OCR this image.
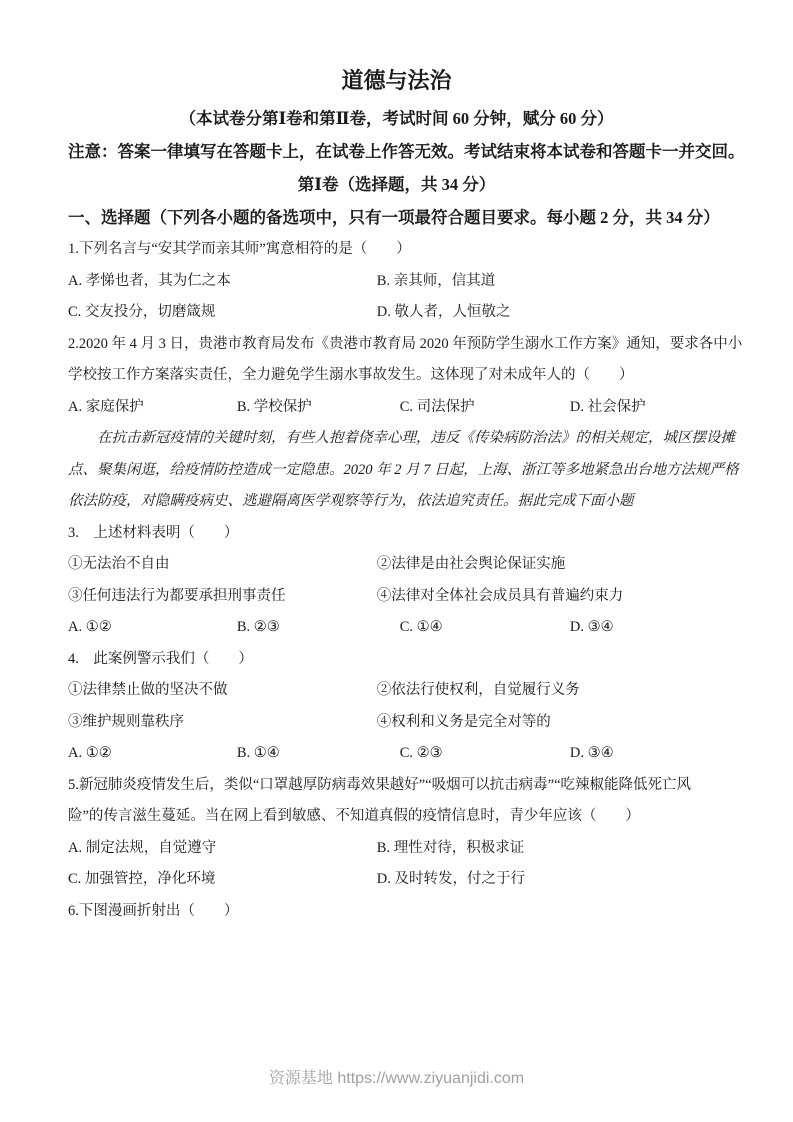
道德与法治
（本试卷分第Ⅰ卷和第Ⅱ卷，考试时间 60 分钟，赋分 60 分）
注意：答案一律填写在答题卡上，在试卷上作答无效。考试结束将本试卷和答题卡一并交回。
第Ⅰ卷（选择题，共 34 分）
一、选择题（下列各小题的备选项中，只有一项最符合题目要求。每小题 2 分，共 34 分）
1.下列名言与“安其学而亲其师”寓意相符的是（　　）
A. 孝悌也者，其为仁之本	B. 亲其师，信其道
C. 交友投分，切磨箴规	D. 敬人者，人恒敬之
2.2020 年 4 月 3 日，贵港市教育局发布《贵港市教育局 2020 年预防学生溺水工作方案》通知，要求各中小
学校按工作方案落实责任，全力避免学生溺水事故发生。这体现了对未成年人的（　　）
A. 家庭保护	B. 学校保护	C. 司法保护	D. 社会保护
在抗击新冠疫情的关键时刻，有些人抱着侥幸心理，违反《传染病防治法》的相关规定，城区摆设摊
点、聚集闲逛，给疫情防控造成一定隐患。2020 年 2 月 7 日起，上海、浙江等多地紧急出台地方法规严格
依法防疫，对隐瞒疫病史、逃避隔离医学观察等行为，依法追究责任。据此完成下面小题
3.　上述材料表明（　　）
①无法治不自由	②法律是由社会舆论保证实施
③任何违法行为都要承担刑事责任	④法律对全体社会成员具有普遍约束力
A. ①②	B. ②③	C. ①④	D. ③④
4.　此案例警示我们（　　）
①法律禁止做的坚决不做	②依法行使权利，自觉履行义务
③维护规则靠秩序	④权利和义务是完全对等的
A. ①②	B. ①④	C. ②③	D. ③④
5.新冠肺炎疫情发生后，类似“口罩越厚防病毒效果越好”“吸烟可以抗击病毒”“吃辣椒能降低死亡风
险”的传言滋生蔓延。当在网上看到敏感、不知道真假的疫情信息时，青少年应该（　　）
A. 制定法规，自觉遵守	B. 理性对待，积极求证
C. 加强管控，净化环境	D. 及时转发，付之于行
6.下图漫画折射出（　　）
资源基地 https://www.ziyuanjidi.com
